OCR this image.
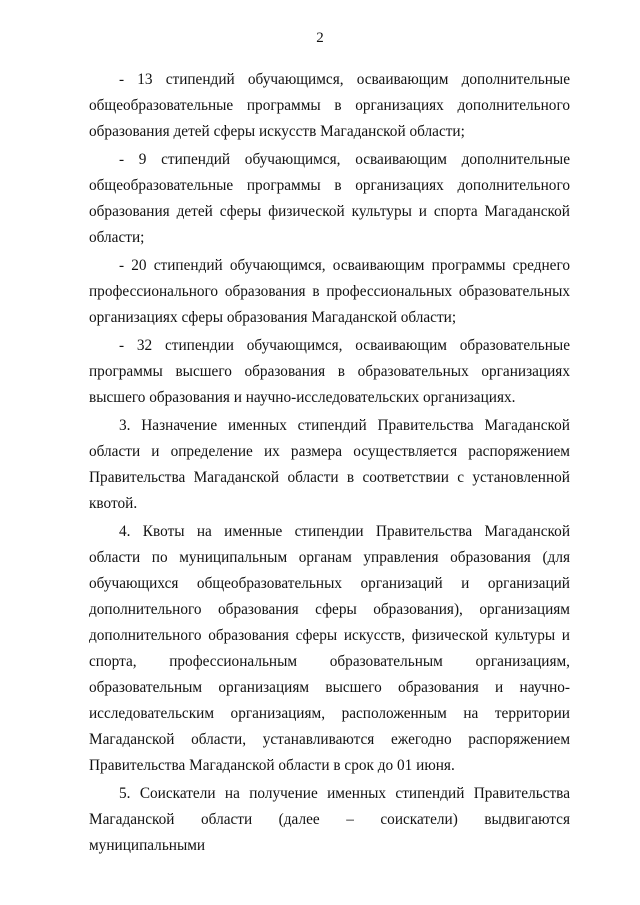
2

- 13 стипендий обучающимся, осваивающим дополнительные общеобразовательные программы в организациях дополнительного образования детей сферы искусств Магаданской области;

- 9 стипендий обучающимся, осваивающим дополнительные общеобразовательные программы в организациях дополнительного образования детей сферы физической культуры и спорта Магаданской области;

- 20 стипендий обучающимся, осваивающим программы среднего профессионального образования в профессиональных образовательных организациях сферы образования Магаданской области;

- 32 стипендии обучающимся, осваивающим образовательные программы высшего образования в образовательных организациях высшего образования и научно-исследовательских организациях.

3. Назначение именных стипендий Правительства Магаданской области и определение их размера осуществляется распоряжением Правительства Магаданской области в соответствии с установленной квотой.

4. Квоты на именные стипендии Правительства Магаданской области по муниципальным органам управления образования (для обучающихся общеобразовательных организаций и организаций дополнительного образования сферы образования), организациям дополнительного образования сферы искусств, физической культуры и спорта, профессиональным образовательным организациям, образовательным организациям высшего образования и научно-исследовательским организациям, расположенным на территории Магаданской области, устанавливаются ежегодно распоряжением Правительства Магаданской области в срок до 01 июня.

5. Соискатели на получение именных стипендий Правительства Магаданской области (далее – соискатели) выдвигаются муниципальными
